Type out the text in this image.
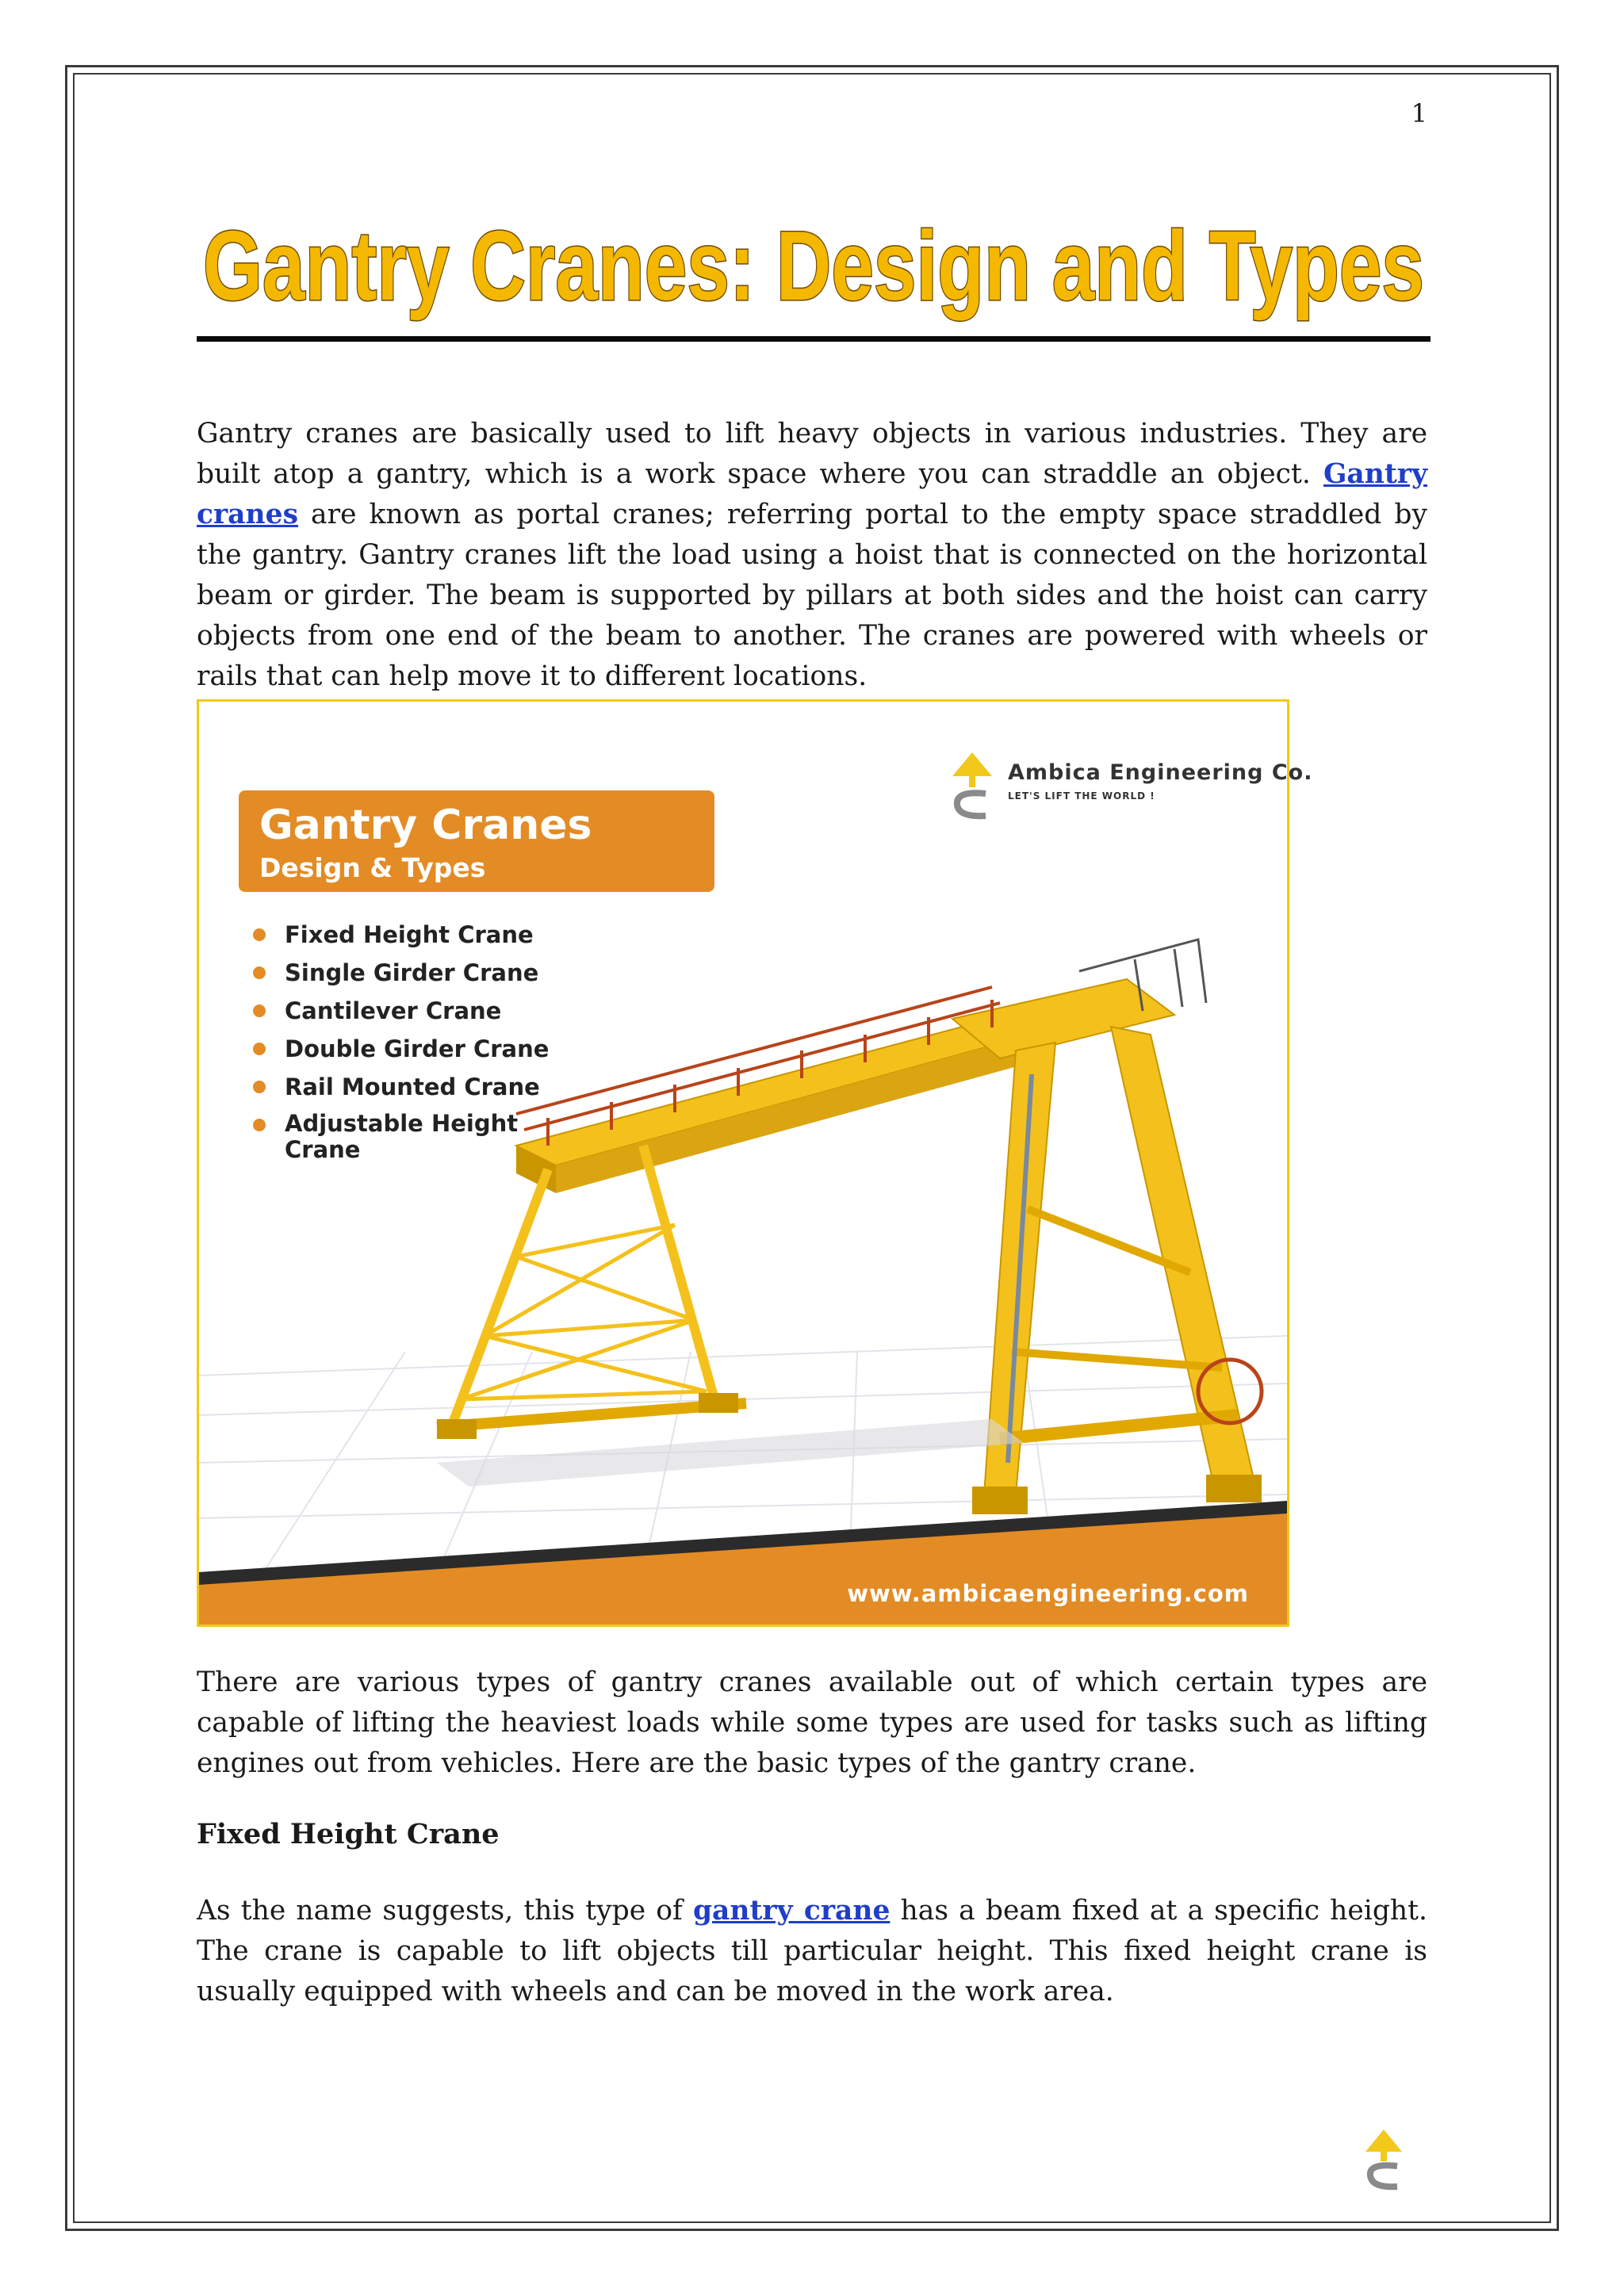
1
Gantry Cranes: Design and Types

Gantry cranes are basically used to lift heavy objects in various industries. They are built atop a gantry, which is a work space where you can straddle an object. Gantry cranes are known as portal cranes; referring portal to the empty space straddled by the gantry. Gantry cranes lift the load using a hoist that is connected on the horizontal beam or girder. The beam is supported by pillars at both sides and the hoist can carry objects from one end of the beam to another. The cranes are powered with wheels or rails that can help move it to different locations.

Ambica Engineering Co.
LET'S LIFT THE WORLD !
Gantry Cranes
Design & Types
Fixed Height Crane
Single Girder Crane
Cantilever Crane
Double Girder Crane
Rail Mounted Crane
Adjustable Height Crane
www.ambicaengineering.com

There are various types of gantry cranes available out of which certain types are capable of lifting the heaviest loads while some types are used for tasks such as lifting engines out from vehicles. Here are the basic types of the gantry crane.

Fixed Height Crane

As the name suggests, this type of gantry crane has a beam fixed at a specific height. The crane is capable to lift objects till particular height. This fixed height crane is usually equipped with wheels and can be moved in the work area.
